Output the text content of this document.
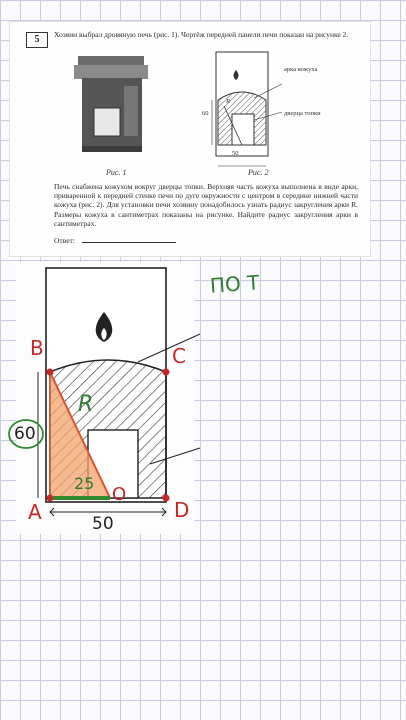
5	Хозяин выбрал дровяную печь (рис. 1). Чертёж передней панели печи показан на рисунке 2.
Рис. 1
арка кожуха
дверца топки
60
50
R
Рис. 2
Печь снабжена кожухом вокруг дверцы топки. Верхняя часть кожуха выполнена в виде арки, приваренной к передней стенке печи по дуге окружности с центром в середине нижней части кожуха (рис. 2). Для установки печи хозяину понадобилось узнать радиус закругления арки R. Размеры кожуха в сантиметрах показаны на рисунке. Найдите радиус закругления арки в сантиметрах.
Ответ:
ПО Т
B	C
A	D
O
60
50
R
25
